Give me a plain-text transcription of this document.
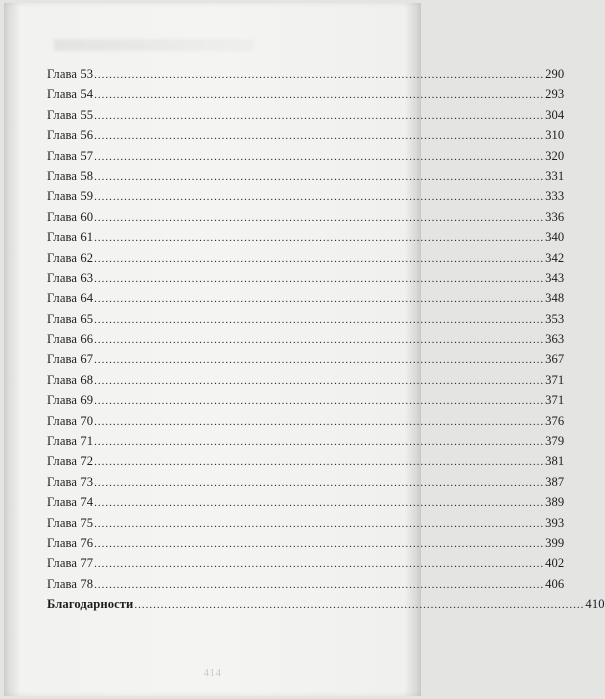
Глава 53 ........................................................................................................................ 290
Глава 54 ........................................................................................................................ 293
Глава 55 ........................................................................................................................ 304
Глава 56 ........................................................................................................................ 310
Глава 57 ........................................................................................................................ 320
Глава 58 ........................................................................................................................ 331
Глава 59 ........................................................................................................................ 333
Глава 60 ........................................................................................................................ 336
Глава 61 ........................................................................................................................ 340
Глава 62 ........................................................................................................................ 342
Глава 63 ........................................................................................................................ 343
Глава 64 ........................................................................................................................ 348
Глава 65 ........................................................................................................................ 353
Глава 66 ........................................................................................................................ 363
Глава 67 ........................................................................................................................ 367
Глава 68 ........................................................................................................................ 371
Глава 69 ........................................................................................................................ 371
Глава 70 ........................................................................................................................ 376
Глава 71 ........................................................................................................................ 379
Глава 72 ........................................................................................................................ 381
Глава 73 ........................................................................................................................ 387
Глава 74 ........................................................................................................................ 389
Глава 75 ........................................................................................................................ 393
Глава 76 ........................................................................................................................ 399
Глава 77 ........................................................................................................................ 402
Глава 78 ........................................................................................................................ 406
Благодарности ........................................................................................................................ 410
414
